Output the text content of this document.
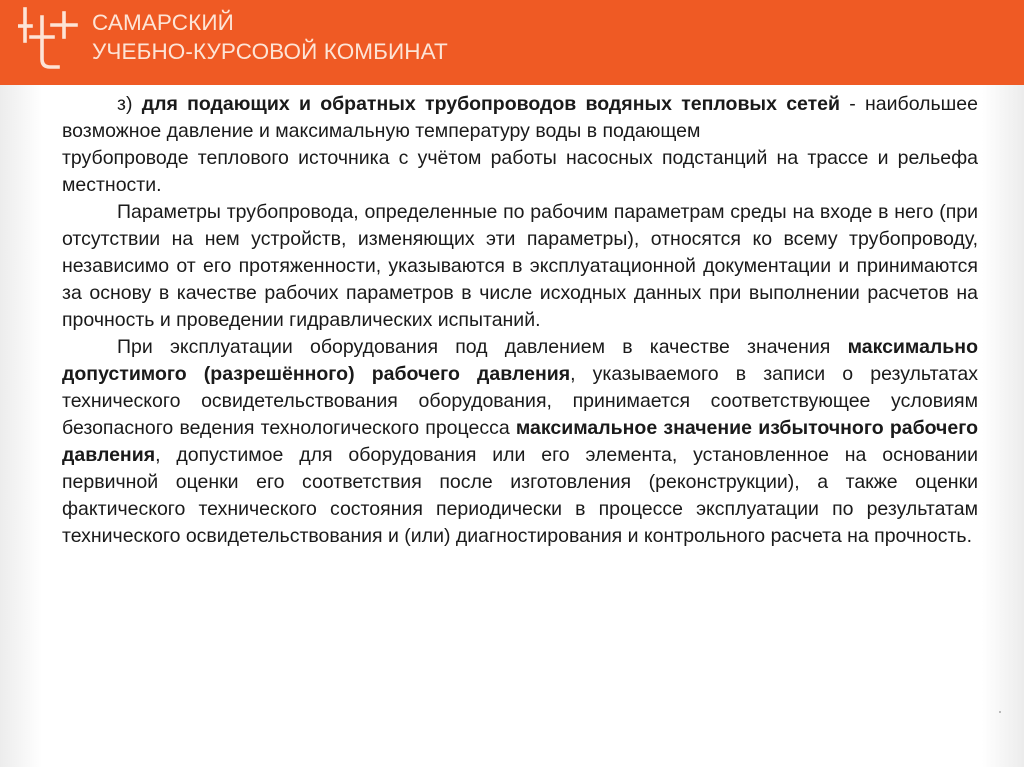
САМАРСКИЙ
УЧЕБНО-КУРСОВОЙ КОМБИНАТ

з) для подающих и обратных трубопроводов водяных тепловых сетей - наибольшее возможное давление и максимальную температуру воды в подающем
трубопроводе теплового источника с учётом работы насосных подстанций на трассе и рельефа местности.

Параметры трубопровода, определенные по рабочим параметрам среды на входе в него (при отсутствии на нем устройств, изменяющих эти параметры), относятся ко всему трубопроводу, независимо от его протяженности, указываются в эксплуатационной документации и принимаются за основу в качестве рабочих параметров в числе исходных данных при выполнении расчетов на прочность и проведении гидравлических испытаний.

При эксплуатации оборудования под давлением в качестве значения максимально допустимого (разрешённого) рабочего давления, указываемого в записи о результатах технического освидетельствования оборудования, принимается соответствующее условиям безопасного ведения технологического процесса максимальное значение избыточного рабочего давления, допустимое для оборудования или его элемента, установленное на основании первичной оценки его соответствия после изготовления (реконструкции), а также оценки фактического технического состояния периодически в процессе эксплуатации по результатам технического освидетельствования и (или) диагностирования и контрольного расчета на прочность.
